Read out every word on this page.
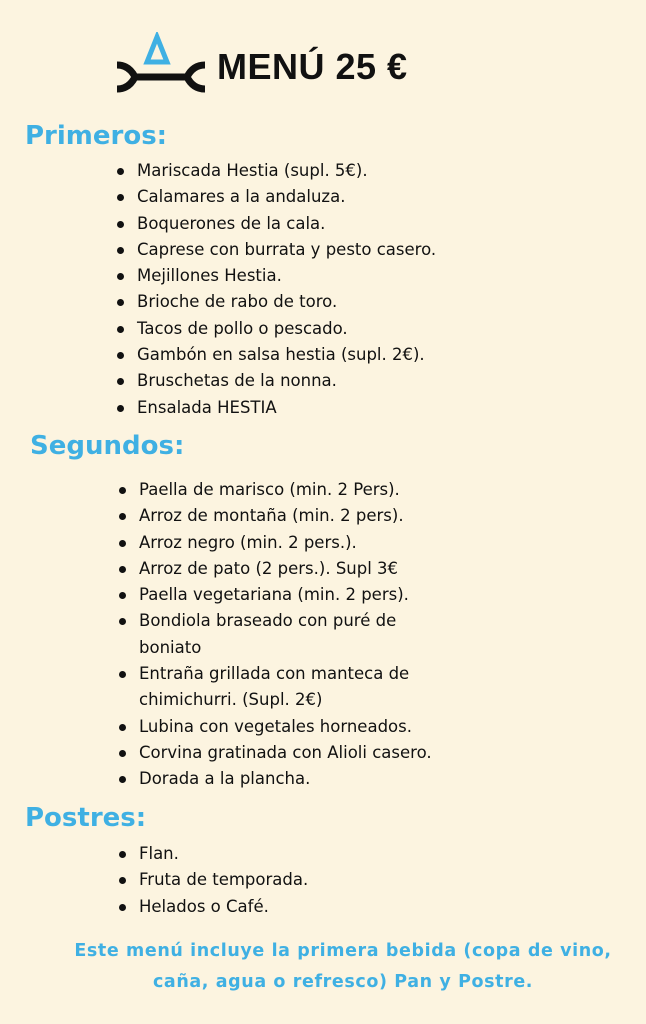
MENÚ 25 €
Primeros:
Mariscada Hestia (supl. 5€).
Calamares a la andaluza.
Boquerones de la cala.
Caprese con burrata y pesto casero.
Mejillones Hestia.
Brioche de rabo de toro.
Tacos de pollo o pescado.
Gambón en salsa hestia (supl. 2€).
Bruschetas de la nonna.
Ensalada HESTIA
Segundos:
Paella de marisco (min. 2 Pers).
Arroz de montaña (min. 2 pers).
Arroz negro (min. 2 pers.).
Arroz de pato (2 pers.). Supl 3€
Paella vegetariana (min. 2 pers).
Bondiola braseado con puré de boniato
Entraña grillada con manteca de chimichurri. (Supl. 2€)
Lubina con vegetales horneados.
Corvina gratinada con Alioli casero.
Dorada a la plancha.
Postres:
Flan.
Fruta de temporada.
Helados o Café.
Este menú incluye la primera bebida (copa de vino,
caña, agua o refresco) Pan y Postre.
